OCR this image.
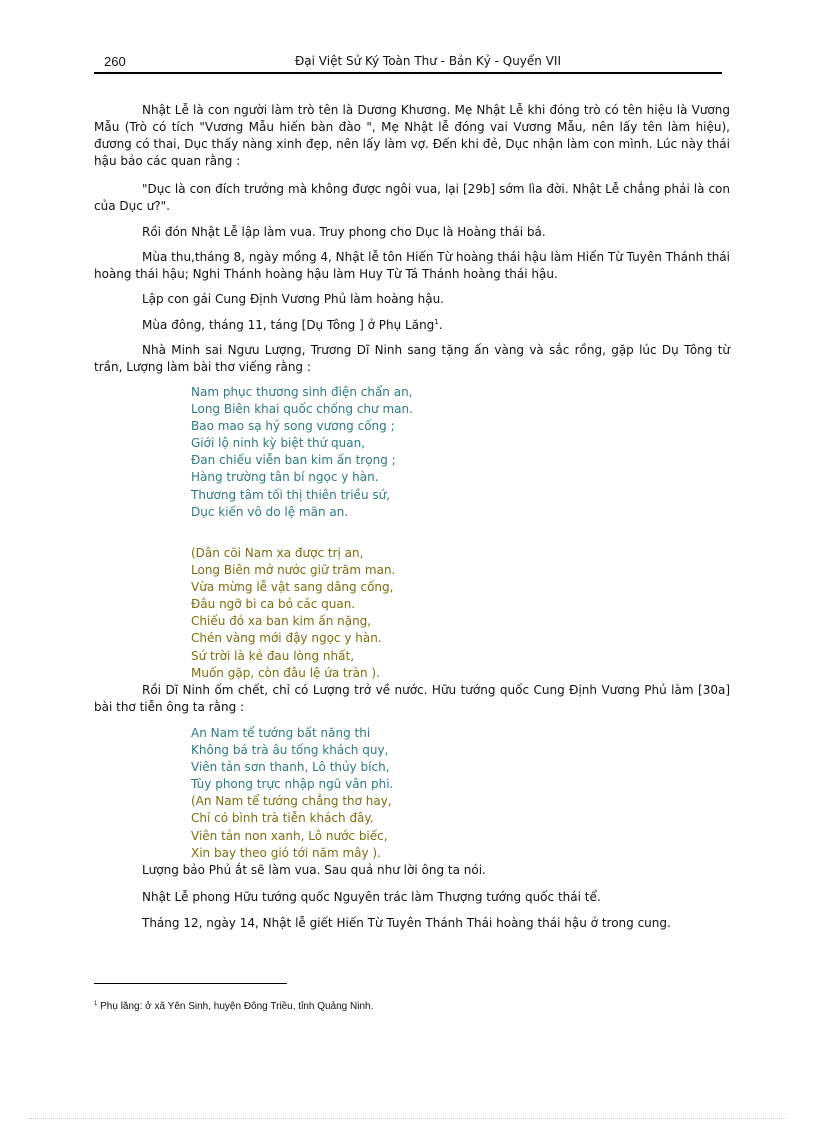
260	Đại Việt Sử Ký Toàn Thư - Bản Kỷ - Quyển VII
Nhật Lễ là con người làm trò tên là Dương Khương. Mẹ Nhật Lễ khi đóng trò có tên hiệu là Vương Mẫu (Trò có tích "Vương Mẫu hiến bàn đào ", Mẹ Nhật lễ đóng vai Vương Mẫu, nên lấy tên làm hiệu), đương có thai, Dục thấy nàng xinh đẹp, nên lấy làm vợ. Đến khi đẻ, Dục nhận làm con mình. Lúc này thái hậu bảo các quan rằng :
"Dục là con đích trưởng mà không được ngôi vua, lại [29b] sớm lìa đời. Nhật Lễ chẳng phải là con của Dục ư?".
Rồi đón Nhật Lễ lập làm vua. Truy phong cho Dục là Hoàng thái bá.
Mùa thu,tháng 8, ngày mồng 4, Nhật lễ tôn Hiến Từ hoàng thái hậu làm Hiến Từ Tuyên Thánh thái hoàng thái hậu; Nghi Thánh hoàng hậu làm Huy Từ Tá Thánh hoàng thái hậu.
Lập con gái Cung Định Vương Phủ làm hoàng hậu.
Mùa đông, tháng 11, táng [Dụ Tông ] ở Phụ Lăng$^1$.
Nhà Minh sai Ngưu Lượng, Trương Dĩ Ninh sang tặng ấn vàng và sắc rồng, gặp lúc Dụ Tông từ trần, Lượng làm bài thơ viếng rằng :
Nam phục thương sinh điện chẩn an,
Long Biên khai quốc chống chư man.
Bao mao sạ hỷ song vương cống ;
Giới lộ ninh kỳ biệt thứ quan,
Đan chiếu viễn ban kim ấn trọng ;
Hàng trường tân bí ngọc y hàn.
Thương tâm tối thị thiên triều sứ,
Dục kiến vô do lệ mãn an.
(Dân cõi Nam xa được trị an,
Long Biên mở nước giữ trăm man.
Vừa mừng lễ vật sang dâng cống,
Đâu ngỡ bi ca bỏ các quan.
Chiếu đỏ xa ban kim ấn nặng,
Chén vàng mới đậy ngọc y hàn.
Sứ trời là kẻ đau lòng nhất,
Muốn gặp, còn đâu lệ ứa tràn ).
Rồi Dĩ Ninh ốm chết, chỉ có Lượng trở về nước. Hữu tướng quốc Cung Định Vương Phủ làm [30a] bài thơ tiễn ông ta rằng :
An Nam tể tướng bất năng thi
Không bá trà âu tống khách quy,
Viên tản sơn thanh, Lô thủy bích,
Tùy phong trực nhập ngũ vân phi.
(An Nam tể tướng chẳng thơ hay,
Chỉ có bình trà tiễn khách đây.
Viên tản non xanh, Lô nước biếc,
Xin bay theo gió tới năm mây ).
Lượng bảo Phủ ắt sẽ làm vua. Sau quả như lời ông ta nói.
Nhật Lễ phong Hữu tướng quốc Nguyên trác làm Thượng tướng quốc thái tể.
Tháng 12, ngày 14, Nhật lễ giết Hiến Từ Tuyên Thánh Thái hoàng thái hậu ở trong cung.
$^1$ Phụ lăng: ở xã Yên Sinh, huyện Đông Triều, tỉnh Quảng Ninh.
